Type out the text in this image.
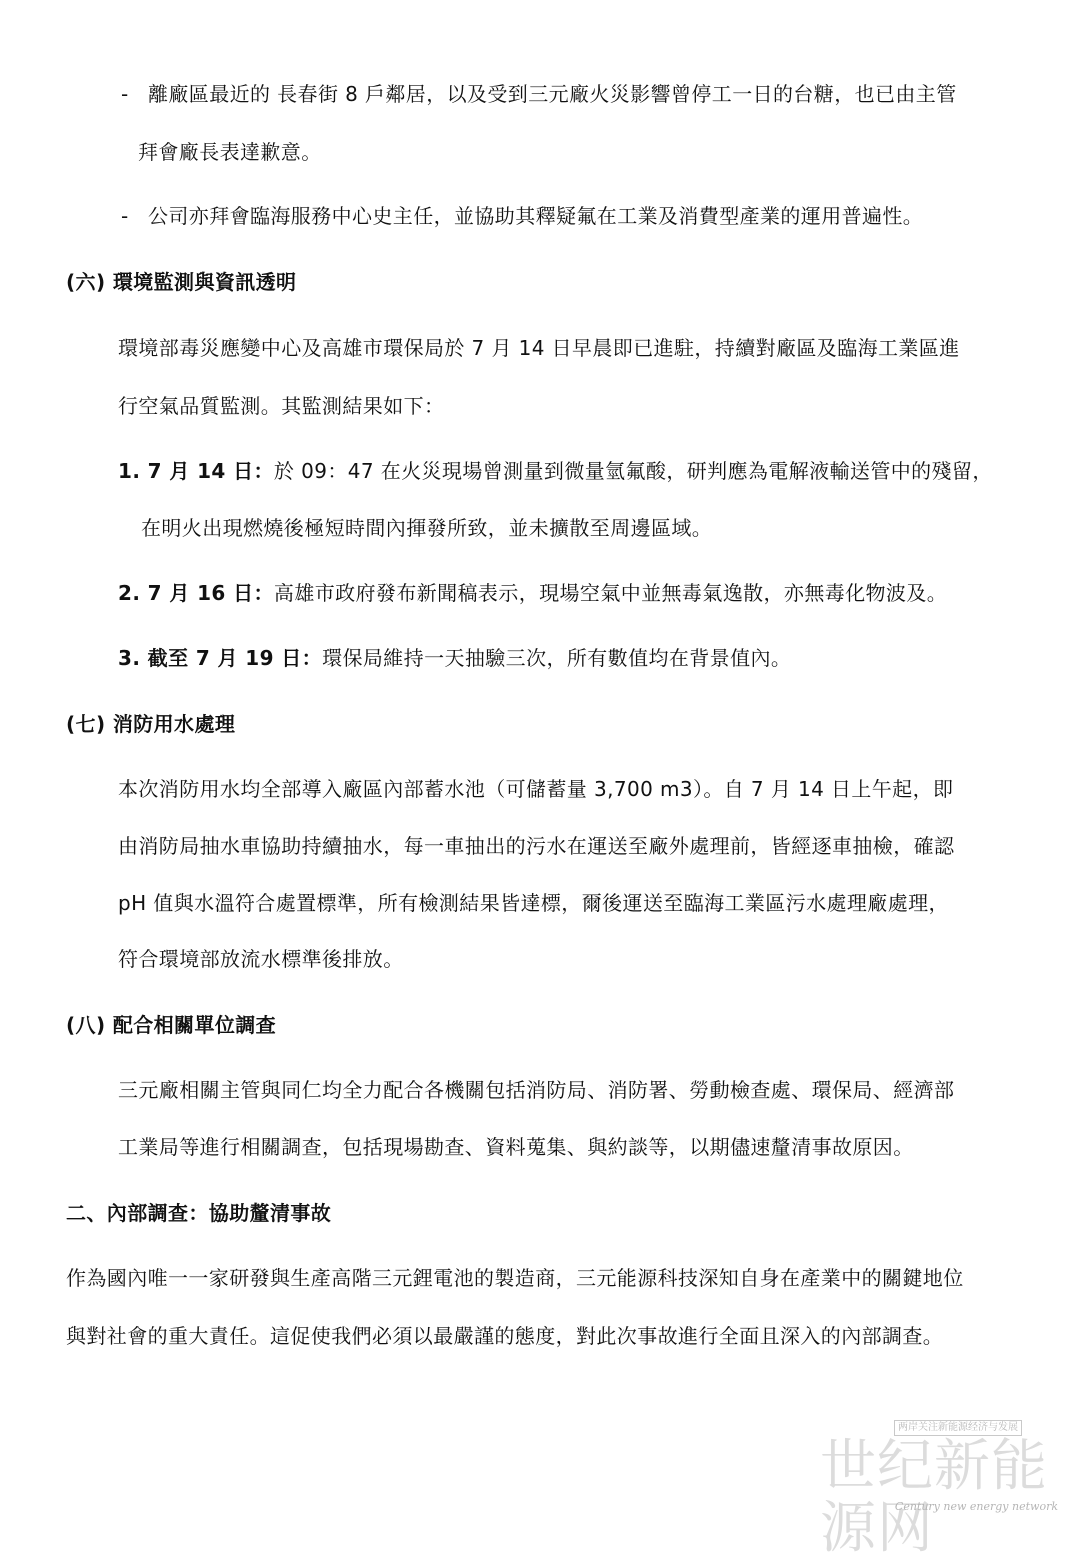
- 離廠區最近的 長春街 8 戶鄰居，以及受到三元廠火災影響曾停工一日的台糖，也已由主管
拜會廠長表達歉意。
- 公司亦拜會臨海服務中心史主任，並協助其釋疑氟在工業及消費型產業的運用普遍性。
(六) 環境監測與資訊透明
環境部毒災應變中心及高雄市環保局於 7 月 14 日早晨即已進駐，持續對廠區及臨海工業區進
行空氣品質監測。其監測結果如下：
1. 7 月 14 日：於 09：47 在火災現場曾測量到微量氫氟酸，研判應為電解液輸送管中的殘留，
在明火出現燃燒後極短時間內揮發所致，並未擴散至周邊區域。
2. 7 月 16 日：高雄市政府發布新聞稿表示，現場空氣中並無毒氣逸散，亦無毒化物波及。
3. 截至 7 月 19 日：環保局維持一天抽驗三次，所有數值均在背景值內。
(七) 消防用水處理
本次消防用水均全部導入廠區內部蓄水池（可儲蓄量 3,700 m3）。自 7 月 14 日上午起，即
由消防局抽水車協助持續抽水，每一車抽出的污水在運送至廠外處理前，皆經逐車抽檢，確認
pH 值與水溫符合處置標準，所有檢測結果皆達標，爾後運送至臨海工業區污水處理廠處理，
符合環境部放流水標準後排放。
(八) 配合相關單位調查
三元廠相關主管與同仁均全力配合各機關包括消防局、消防署、勞動檢查處、環保局、經濟部
工業局等進行相關調查，包括現場勘查、資料蒐集、與約談等，以期儘速釐清事故原因。
二、內部調查：協助釐清事故
作為國內唯一一家研發與生產高階三元鋰電池的製造商，三元能源科技深知自身在產業中的關鍵地位
與對社會的重大責任。這促使我們必須以最嚴謹的態度，對此次事故進行全面且深入的內部調查。
两岸关注新能源经济与发展
世纪新能源网
Century new energy network
